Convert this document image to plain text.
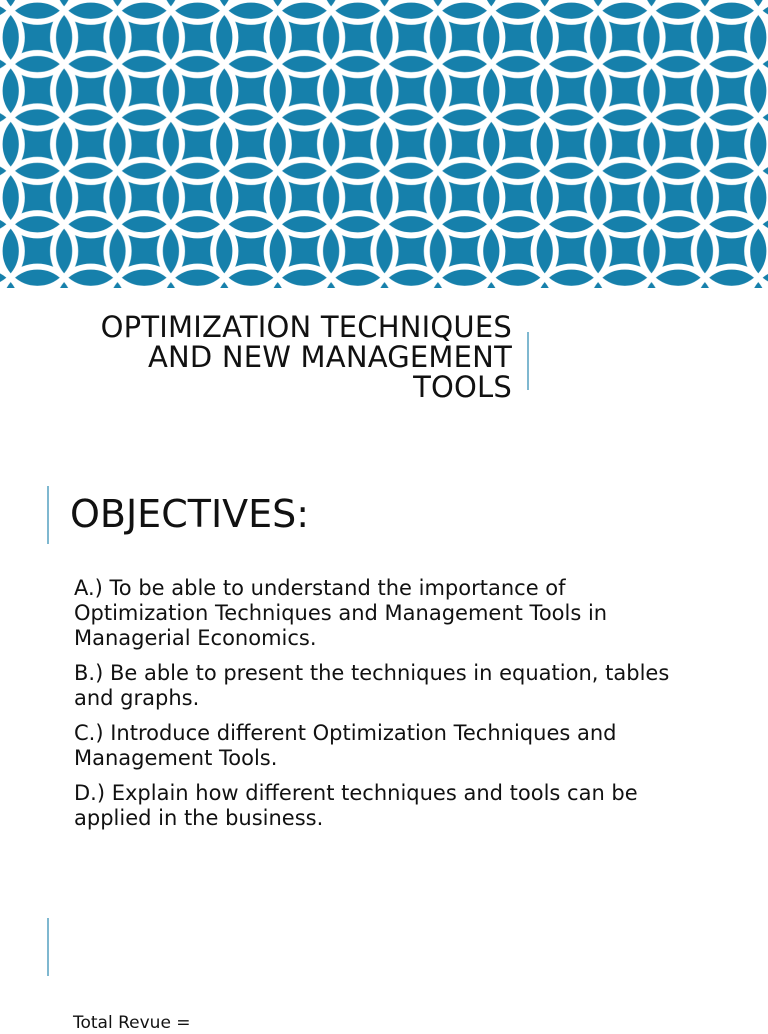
OPTIMIZATION TECHNIQUES
AND NEW MANAGEMENT
TOOLS
OBJECTIVES:

A.) To be able to understand the importance of Optimization Techniques and Management Tools in Managerial Economics.

B.) Be able to present the techniques in equation, tables and graphs.

C.) Introduce different Optimization Techniques and Management Tools.

D.) Explain how different techniques and tools can be applied in the business.

Total Revue =
